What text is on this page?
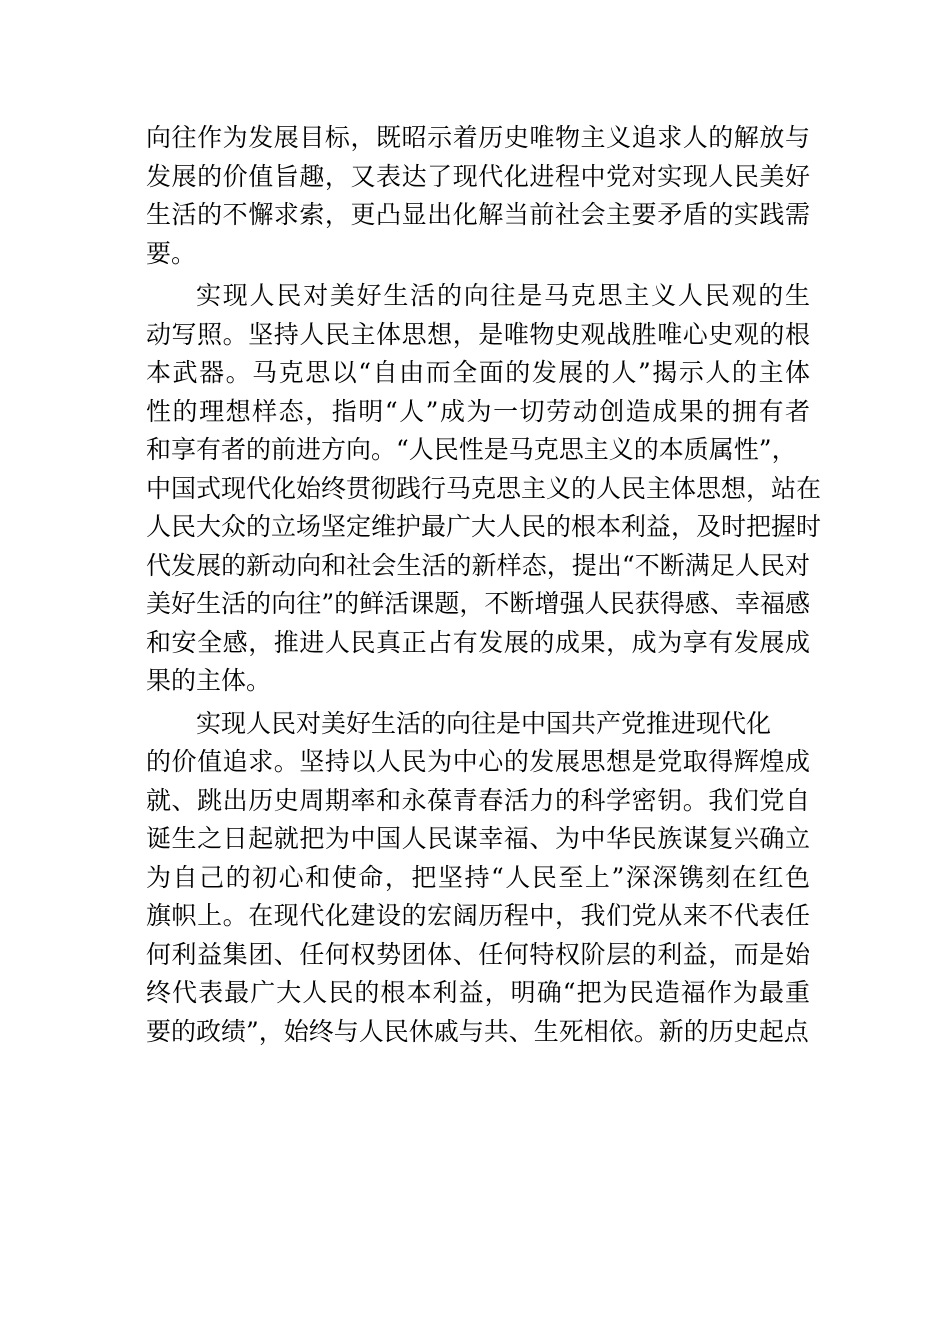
向往作为发展目标，既昭示着历史唯物主义追求人的解放与
发展的价值旨趣，又表达了现代化进程中党对实现人民美好
生活的不懈求索，更凸显出化解当前社会主要矛盾的实践需
要。
实现人民对美好生活的向往是马克思主义人民观的生
动写照。坚持人民主体思想，是唯物史观战胜唯心史观的根
本武器。马克思以“自由而全面的发展的人”揭示人的主体
性的理想样态，指明“人”成为一切劳动创造成果的拥有者
和享有者的前进方向。“人民性是马克思主义的本质属性”，
中国式现代化始终贯彻践行马克思主义的人民主体思想，站在
人民大众的立场坚定维护最广大人民的根本利益，及时把握时
代发展的新动向和社会生活的新样态，提出“不断满足人民对
美好生活的向往”的鲜活课题，不断增强人民获得感、幸福感
和安全感，推进人民真正占有发展的成果，成为享有发展成
果的主体。
实现人民对美好生活的向往是中国共产党推进现代化
的价值追求。坚持以人民为中心的发展思想是党取得辉煌成
就、跳出历史周期率和永葆青春活力的科学密钥。我们党自
诞生之日起就把为中国人民谋幸福、为中华民族谋复兴确立
为自己的初心和使命，把坚持“人民至上”深深镌刻在红色
旗帜上。在现代化建设的宏阔历程中，我们党从来不代表任
何利益集团、任何权势团体、任何特权阶层的利益，而是始
终代表最广大人民的根本利益，明确“把为民造福作为最重
要的政绩”，始终与人民休戚与共、生死相依。新的历史起点
